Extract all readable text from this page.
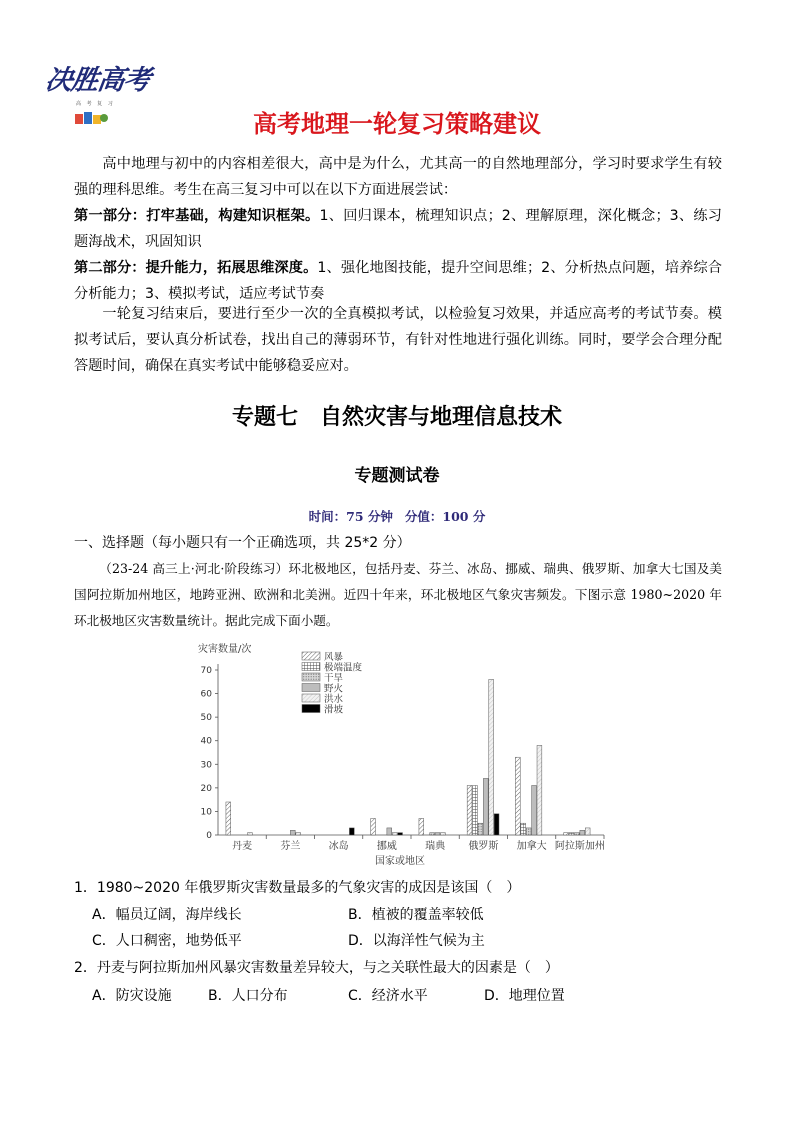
决胜高考
高 考 复 习
高考地理一轮复习策略建议
高中地理与初中的内容相差很大，高中是为什么，尤其高一的自然地理部分，学习时要求学生有较强的理科思维。考生在高三复习中可以在以下方面进展尝试：
第一部分：打牢基础，构建知识框架。1、回归课本，梳理知识点；2、理解原理，深化概念；3、练习题海战术，巩固知识
第二部分：提升能力，拓展思维深度。1、强化地图技能，提升空间思维；2、分析热点问题，培养综合分析能力；3、模拟考试，适应考试节奏
一轮复习结束后，要进行至少一次的全真模拟考试，以检验复习效果，并适应高考的考试节奏。模拟考试后，要认真分析试卷，找出自己的薄弱环节，有针对性地进行强化训练。同时，要学会合理分配答题时间，确保在真实考试中能够稳妥应对。
专题七 自然灾害与地理信息技术
专题测试卷
时间：75 分钟 分值：100 分
一、选择题（每小题只有一个正确选项，共 25*2 分）
（23-24 高三上·河北·阶段练习）环北极地区，包括丹麦、芬兰、冰岛、挪威、瑞典、俄罗斯、加拿大七国及美国阿拉斯加州地区，地跨亚洲、欧洲和北美洲。近四十年来，环北极地区气象灾害频发。下图示意 1980~2020 年环北极地区灾害数量统计。据此完成下面小题。
灾害数量/次
国家或地区
0
10
20
30
40
50
60
70
丹麦	芬兰	冰岛	挪威	瑞典 俄罗斯 加拿大 阿拉斯加州
风暴
极端温度
干旱
野火
洪水
滑坡
1．1980~2020 年俄罗斯灾害数量最多的气象灾害的成因是该国（　）
A．幅员辽阔，海岸线长	B．植被的覆盖率较低
C．人口稠密，地势低平	D．以海洋性气候为主
2．丹麦与阿拉斯加州风暴灾害数量差异较大，与之关联性最大的因素是（　）
A．防灾设施	B．人口分布	C．经济水平	D．地理位置
